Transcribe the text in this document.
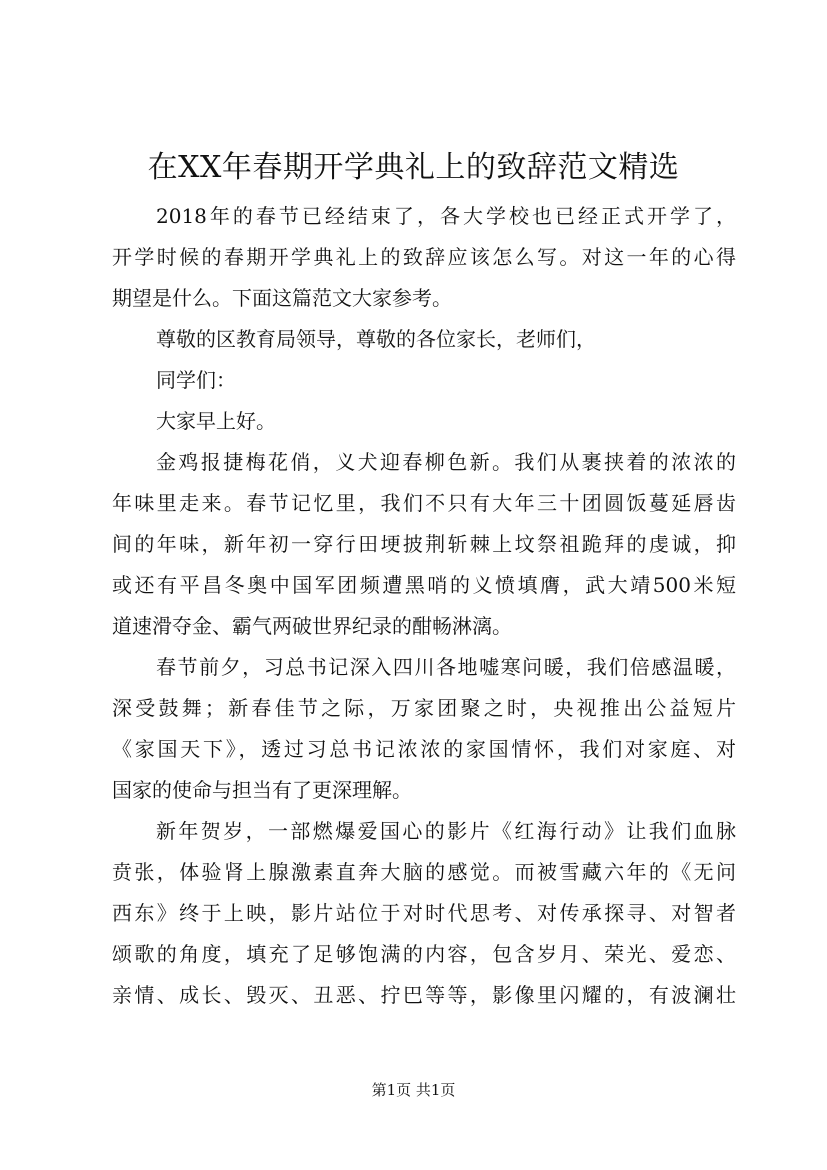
在XX年春期开学典礼上的致辞范文精选
2018年的春节已经结束了，各大学校也已经正式开学了，
开学时候的春期开学典礼上的致辞应该怎么写。对这一年的心得
期望是什么。下面这篇范文大家参考。
尊敬的区教育局领导，尊敬的各位家长，老师们，
同学们：
大家早上好。
金鸡报捷梅花俏，义犬迎春柳色新。我们从裹挟着的浓浓的
年味里走来。春节记忆里，我们不只有大年三十团圆饭蔓延唇齿
间的年味，新年初一穿行田埂披荆斩棘上坟祭祖跪拜的虔诚，抑
或还有平昌冬奥中国军团频遭黑哨的义愤填膺，武大靖500米短
道速滑夺金、霸气两破世界纪录的酣畅淋漓。
春节前夕，习总书记深入四川各地嘘寒问暖，我们倍感温暖，
深受鼓舞；新春佳节之际，万家团聚之时，央视推出公益短片
《家国天下》，透过习总书记浓浓的家国情怀，我们对家庭、对
国家的使命与担当有了更深理解。
新年贺岁，一部燃爆爱国心的影片《红海行动》让我们血脉
贲张，体验肾上腺激素直奔大脑的感觉。而被雪藏六年的《无问
西东》终于上映，影片站位于对时代思考、对传承探寻、对智者
颂歌的角度，填充了足够饱满的内容，包含岁月、荣光、爱恋、
亲情、成长、毁灭、丑恶、拧巴等等，影像里闪耀的，有波澜壮
第1页 共1页
